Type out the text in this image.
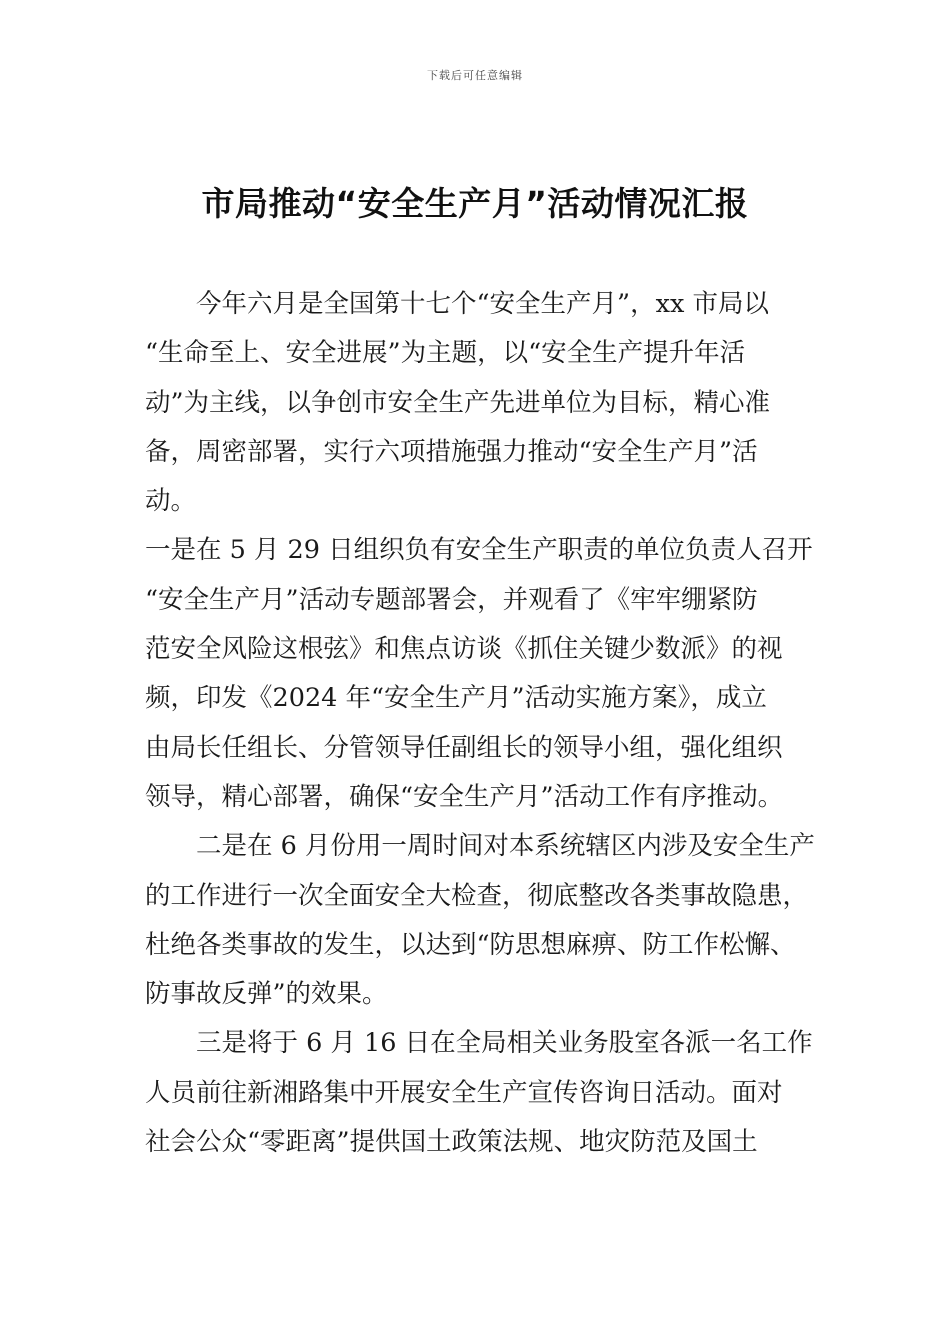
下载后可任意编辑
市局推动“安全生产月”活动情况汇报
今年六月是全国第十七个“安全生产月”，xx 市局以
“生命至上、安全进展”为主题，以“安全生产提升年活
动”为主线，以争创市安全生产先进单位为目标，精心准
备，周密部署，实行六项措施强力推动“安全生产月”活
动。
一是在 5 月 29 日组织负有安全生产职责的单位负责人召开
“安全生产月”活动专题部署会，并观看了《牢牢绷紧防
范安全风险这根弦》和焦点访谈《抓住关键少数派》的视
频，印发《2024 年“安全生产月”活动实施方案》，成立
由局长任组长、分管领导任副组长的领导小组，强化组织
领导，精心部署，确保“安全生产月”活动工作有序推动。
二是在 6 月份用一周时间对本系统辖区内涉及安全生产
的工作进行一次全面安全大检查，彻底整改各类事故隐患，
杜绝各类事故的发生，以达到“防思想麻痹、防工作松懈、
防事故反弹”的效果。
三是将于 6 月 16 日在全局相关业务股室各派一名工作
人员前往新湘路集中开展安全生产宣传咨询日活动。面对
社会公众“零距离”提供国土政策法规、地灾防范及国土
